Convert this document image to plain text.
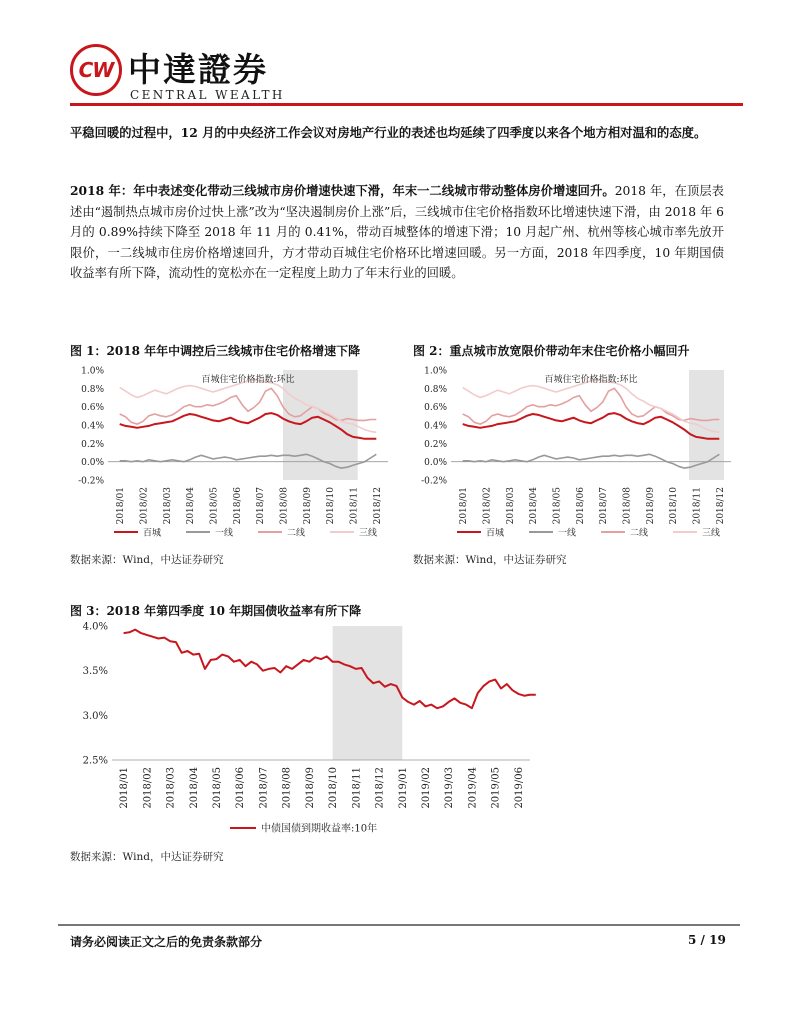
CW 中達證券
CENTRAL WEALTH
平稳回暖的过程中，12 月的中央经济工作会议对房地产行业的表述也均延续了四季度以来各个地方相对温和的态度。
2018 年：年中表述变化带动三线城市房价增速快速下滑，年末一二线城市带动整体房价增速回升。2018 年，在顶层表述由“遏制热点城市房价过快上涨”改为“坚决遏制房价上涨”后，三线城市住宅价格指数环比增速快速下滑，由 2018 年 6 月的 0.89%持续下降至 2018 年 11 月的 0.41%，带动百城整体的增速下滑；10 月起广州、杭州等核心城市率先放开限价，一二线城市住房价格增速回升，方才带动百城住宅价格环比增速回暖。另一方面，2018 年四季度，10 年期国债收益率有所下降，流动性的宽松亦在一定程度上助力了年末行业的回暖。
图 1：2018 年年中调控后三线城市住宅价格增速下降	图 2：重点城市放宽限价带动年末住宅价格小幅回升
-0.2%
0.0%
0.2%
0.4%
0.6%
0.8%
1.0%
2018/01 2018/02 2018/03 2018/04 2018/05 2018/06 2018/07 2018/08 2018/09 2018/10 2018/11 2018/12
百城住宅价格指数:环比
百城	一线	二线	三线
-0.2%
0.0%
0.2%
0.4%
0.6%
0.8%
1.0%
2018/01 2018/02 2018/03 2018/04 2018/05 2018/06 2018/07 2018/08 2018/09 2018/10 2018/11 2018/12
百城住宅价格指数:环比
百城	一线	二线	三线
数据来源：Wind，中达证券研究	数据来源：Wind，中达证券研究
图 3：2018 年第四季度 10 年期国债收益率有所下降
2.5%
3.0%
3.5%
4.0%
2018/01 2018/02 2018/03 2018/04 2018/05 2018/06 2018/07 2018/08 2018/09 2018/10 2018/11 2018/12 2019/01 2019/02 2019/03 2019/04 2019/05 2019/06
中债国债到期收益率:10年
数据来源：Wind，中达证券研究
请务必阅读正文之后的免责条款部分	5 / 19
